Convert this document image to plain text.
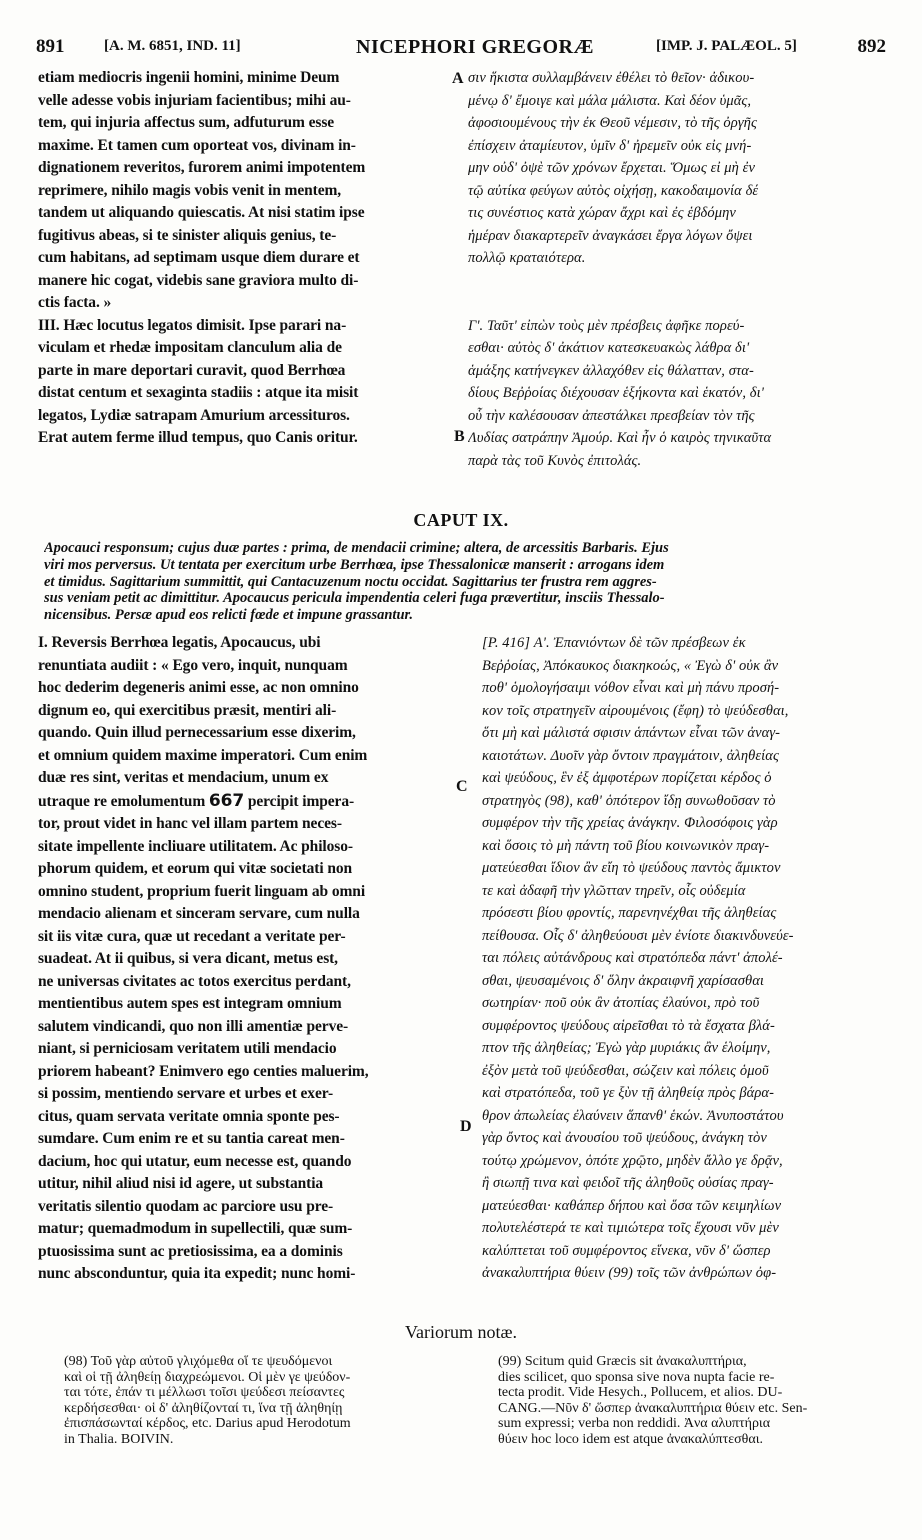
891	[A. M. 6851, IND. 11]	NICEPHORI GREGORÆ	[IMP. J. PALÆOL. 5]	892

etiam mediocris ingenii homini, minime Deum

velle adesse vobis injuriam facientibus; mihi au-

tem, qui injuria affectus sum, adfuturum esse

maxime. Et tamen cum oporteat vos, divinam in-

dignationem reveritos, furorem animi impotentem

reprimere, nihilo magis vobis venit in mentem,

tandem ut aliquando quiescatis. At nisi statim ipse

fugitivus abeas, si te sinister aliquis genius, te-

cum habitans, ad septimam usque diem durare et

manere hic cogat, videbis sane graviora multo di-

ctis facta. »

III. Hæc locutus legatos dimisit. Ipse parari na-

viculam et rhedæ impositam clanculum alia de

parte in mare deportari curavit, quod Berrhœa

distat centum et sexaginta stadiis : atque ita misit

legatos, Lydiæ satrapam Amurium arcessituros.

Erat autem ferme illud tempus, quo Canis oritur.

σιν ἥκιστα συλλαμβάνειν ἐθέλει τὸ θεῖον· ἀδικου-

μένῳ δ' ἔμοιγε καὶ μάλα μάλιστα. Καὶ δέον ὑμᾶς,

ἀφοσιουμένους τὴν ἐκ Θεοῦ νέμεσιν, τὸ τῆς ὀργῆς

ἐπίσχειν ἀταμίευτον, ὑμῖν δ' ἠρεμεῖν οὐκ εἰς μνή-

μην οὐδ' ὀψὲ τῶν χρόνων ἔρχεται. Ὅμως εἰ μὴ ἐν

τῷ αὐτίκα φεύγων αὐτὸς οἰχήσῃ, κακοδαιμονία δέ

τις συνέστιος κατὰ χώραν ἄχρι καὶ ἐς ἑβδόμην

ἡμέραν διακαρτερεῖν ἀναγκάσει ἔργα λόγων ὄψει

πολλῷ κραταιότερα.

Γ'. Ταῦτ' εἰπὼν τοὺς μὲν πρέσβεις ἀφῆκε πορεύ-

εσθαι· αὐτὸς δ' ἀκάτιον κατεσκευακὼς λάθρα δι'

ἁμάξης κατήνεγκεν ἀλλαχόθεν εἰς θάλατταν, στα-

δίους Βεῤῥοίας διέχουσαν ἑξήκοντα καὶ ἑκατόν, δι'

οὗ τὴν καλέσουσαν ἀπεστάλκει πρεσβείαν τὸν τῆς

Λυδίας σατράπην Ἀμούρ. Καὶ ἦν ὁ καιρὸς τηνικαῦτα

παρὰ τὰς τοῦ Κυνὸς ἐπιτολάς.

A
B
C
D
CAPUT IX.

Apocauci responsum; cujus duæ partes : prima, de mendacii crimine; altera, de arcessitis Barbaris. Ejus

viri mos perversus. Ut tentata per exercitum urbe Berrhœa, ipse Thessalonicæ manserit : arrogans idem

et timidus. Sagittarium summittit, qui Cantacuzenum noctu occidat. Sagittarius ter frustra rem aggres-

sus veniam petit ac dimittitur. Apocaucus pericula impendentia celeri fuga prævertitur, insciis Thessalo-

nicensibus. Persæ apud eos relicti fœde et impune grassantur.

I. Reversis Berrhœa legatis, Apocaucus, ubi

renuntiata audiit : « Ego vero, inquit, nunquam

hoc dederim degeneris animi esse, ac non omnino

dignum eo, qui exercitibus præsit, mentiri ali-

quando. Quin illud pernecessarium esse dixerim,

et omnium quidem maxime imperatori. Cum enim

duæ res sint, veritas et mendacium, unum ex

utraque re emolumentum 667 percipit impera-

tor, prout videt in hanc vel illam partem neces-

sitate impellente incliuare utilitatem. Ac philoso-

phorum quidem, et eorum qui vitæ societati non

omnino student, proprium fuerit linguam ab omni

mendacio alienam et sinceram servare, cum nulla

sit iis vitæ cura, quæ ut recedant a veritate per-

suadeat. At ii quibus, si vera dicant, metus est,

ne universas civitates ac totos exercitus perdant,

mentientibus autem spes est integram omnium

salutem vindicandi, quo non illi amentiæ perve-

niant, si perniciosam veritatem utili mendacio

priorem habeant? Enimvero ego centies maluerim,

si possim, mentiendo servare et urbes et exer-

citus, quam servata veritate omnia sponte pes-

sumdare. Cum enim re et su tantia careat men-

dacium, hoc qui utatur, eum necesse est, quando

utitur, nihil aliud nisi id agere, ut substantia

veritatis silentio quodam ac parciore usu pre-

matur; quemadmodum in supellectili, quæ sum-

ptuosissima sunt ac pretiosissima, ea a dominis

nunc absconduntur, quia ita expedit; nunc homi-

[P. 416] Α'. Ἐπανιόντων δὲ τῶν πρέσβεων ἐκ

Βεῤῥοίας, Ἀπόκαυκος διακηκοώς, « Ἐγὼ δ' οὐκ ἂν

ποθ' ὁμολογήσαιμι νόθον εἶναι καὶ μὴ πάνυ προσή-

κον τοῖς στρατηγεῖν αἱρουμένοις (ἔφη) τὸ ψεύδεσθαι,

ὅτι μὴ καὶ μάλιστά σφισιν ἁπάντων εἶναι τῶν ἀναγ-

καιοτάτων. Δυοῖν γὰρ ὄντοιν πραγμάτοιν, ἀληθείας

καὶ ψεύδους, ἓν ἐξ ἀμφοτέρων πορίζεται κέρδος ὁ

στρατηγὸς (98), καθ' ὁπότερον ἴδῃ συνωθοῦσαν τὸ

συμφέρον τὴν τῆς χρείας ἀνάγκην. Φιλοσόφοις γὰρ

καὶ ὅσοις τὸ μὴ πάντη τοῦ βίου κοινωνικὸν πραγ-

ματεύεσθαι ἴδιον ἂν εἴη τὸ ψεύδους παντὸς ἄμικτον

τε καὶ ἀδαφῆ τὴν γλῶτταν τηρεῖν, οἷς οὐδεμία

πρόσεστι βίου φροντίς, παρενηνέχθαι τῆς ἀληθείας

πείθουσα. Οἷς δ' ἀληθεύουσι μὲν ἐνίοτε διακινδυνεύε-

ται πόλεις αὐτάνδρους καὶ στρατόπεδα πάντ' ἀπολέ-

σθαι, ψευσαμένοις δ' ὅλην ἀκραιφνῆ χαρίσασθαι

σωτηρίαν· ποῦ οὐκ ἂν ἀτοπίας ἐλαύνοι, πρὸ τοῦ

συμφέροντος ψεύδους αἱρεῖσθαι τὸ τὰ ἔσχατα βλά-

πτον τῆς ἀληθείας; Ἐγὼ γὰρ μυριάκις ἂν ἑλοίμην,

ἐξὸν μετὰ τοῦ ψεύδεσθαι, σώζειν καὶ πόλεις ὁμοῦ

καὶ στρατόπεδα, τοῦ γε ξὺν τῇ ἀληθείᾳ πρὸς βάρα-

θρον ἀπωλείας ἐλαύνειν ἅπανθ' ἑκών. Ἀνυποστάτου

γὰρ ὄντος καὶ ἀνουσίου τοῦ ψεύδους, ἀνάγκη τὸν

τούτῳ χρώμενον, ὁπότε χρῷτο, μηδὲν ἄλλο γε δρᾷν,

ἢ σιωπῇ τινα καὶ φειδοῖ τῆς ἀληθοῦς οὐσίας πραγ-

ματεύεσθαι· καθάπερ δήπου καὶ ὅσα τῶν κειμηλίων

πολυτελέστερά τε καὶ τιμιώτερα τοῖς ἔχουσι νῦν μὲν

καλύπτεται τοῦ συμφέροντος εἵνεκα, νῦν δ' ὥσπερ

ἀνακαλυπτήρια θύειν (99) τοῖς τῶν ἀνθρώπων ὀφ-

Variorum notæ.

(98) Τοῦ γὰρ αὐτοῦ γλιχόμεθα οἵ τε ψευδόμενοι

καὶ οἱ τῇ ἀληθείῃ διαχρεώμενοι. Οἱ μὲν γε ψεύδον-

ται τότε, ἐπάν τι μέλλωσι τοῖσι ψεύδεσι πείσαντες

κερδήσεσθαι· οἱ δ' ἀληθίζονταί τι, ἵνα τῇ ἀληθηίῃ

ἐπισπάσωνταί κέρδος, etc. Darius apud Herodotum

in Thalia. BOIVIN.

(99) Scitum quid Græcis sit ἀνακαλυπτήρια,

dies scilicet, quo sponsa sive nova nupta facie re-

tecta prodit. Vide Hesych., Pollucem, et alios. DU-

CANG.—Νῦν δ' ὥσπερ ἀνακαλυπτήρια θύειν etc. Sen-

sum expressi; verba non reddidi. Ἀνα αλυπτήρια

θύειν hoc loco idem est atque ἀνακαλύπτεσθαι.
